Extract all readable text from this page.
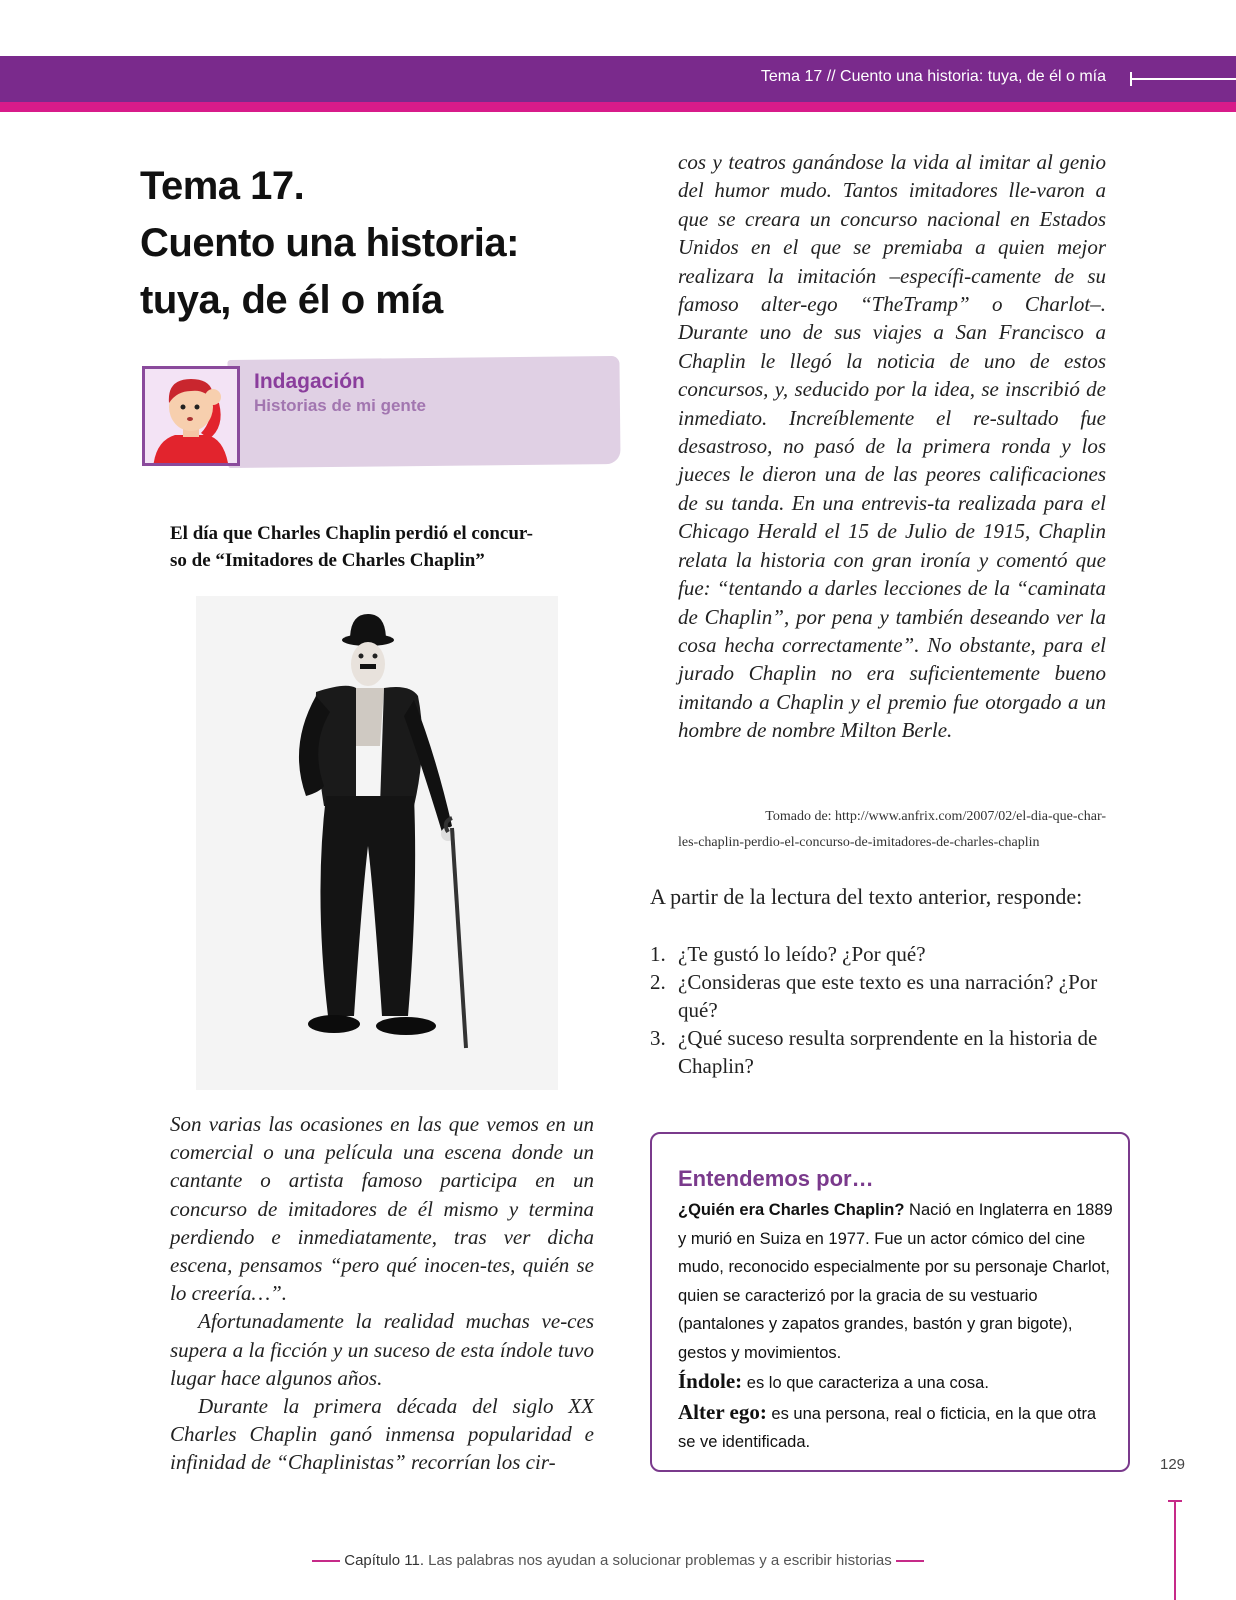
Tema 17 // Cuento una historia: tuya, de él o mía
Tema 17.
Cuento una historia:
tuya, de él o mía
Indagación
Historias de mi gente
El día que Charles Chaplin perdió el concur-
so de “Imitadores de Charles Chaplin”

Son varias las ocasiones en las que vemos en un comercial o una película una escena donde un cantante o artista famoso participa en un concurso de imitadores de él mismo y termina perdiendo e inmediatamente, tras ver dicha escena, pensamos “pero qué inocen-tes, quién se lo creería…”.

Afortunadamente la realidad muchas ve-ces supera a la ficción y un suceso de esta índole tuvo lugar hace algunos años.

Durante la primera década del siglo XX Charles Chaplin ganó inmensa popularidad e infinidad de “Chaplinistas” recorrían los cir-

cos y teatros ganándose la vida al imitar al genio del humor mudo. Tantos imitadores lle-varon a que se creara un concurso nacional en Estados Unidos en el que se premiaba a quien mejor realizara la imitación –específi-camente de su famoso alter-ego “TheTramp” o Charlot–. Durante uno de sus viajes a San Francisco a Chaplin le llegó la noticia de uno de estos concursos, y, seducido por la idea, se inscribió de inmediato. Increíblemente el re-sultado fue desastroso, no pasó de la primera ronda y los jueces le dieron una de las peores calificaciones de su tanda. En una entrevis-ta realizada para el Chicago Herald el 15 de Julio de 1915, Chaplin relata la historia con gran ironía y comentó que fue: “tentando a darles lecciones de la “caminata de Chaplin”, por pena y también deseando ver la cosa hecha correctamente”. No obstante, para el jurado Chaplin no era suficientemente bueno imitando a Chaplin y el premio fue otorgado a un hombre de nombre Milton Berle.

Tomado de: http://www.anfrix.com/2007/02/el-dia-que-char-
les-chaplin-perdio-el-concurso-de-imitadores-de-charles-chaplin
A partir de la lectura del texto anterior, responde:
1. ¿Te gustó lo leído? ¿Por qué?
2. ¿Consideras que este texto es una narración? ¿Por qué?
3. ¿Qué suceso resulta sorprendente en la historia de Chaplin?
Entendemos por…
¿Quién era Charles Chaplin? Nació en Inglaterra en 1889 y murió en Suiza en 1977. Fue un actor cómico del cine mudo, reconocido especialmente por su personaje Charlot, quien se caracterizó por la gracia de su vestuario (pantalones y zapatos grandes, bastón y gran bigote), gestos y movimientos.
Índole: es lo que caracteriza a una cosa.
Alter ego: es una persona, real o ficticia, en la que otra se ve identificada.
129
Capítulo 11. Las palabras nos ayudan a solucionar problemas y a escribir historias
